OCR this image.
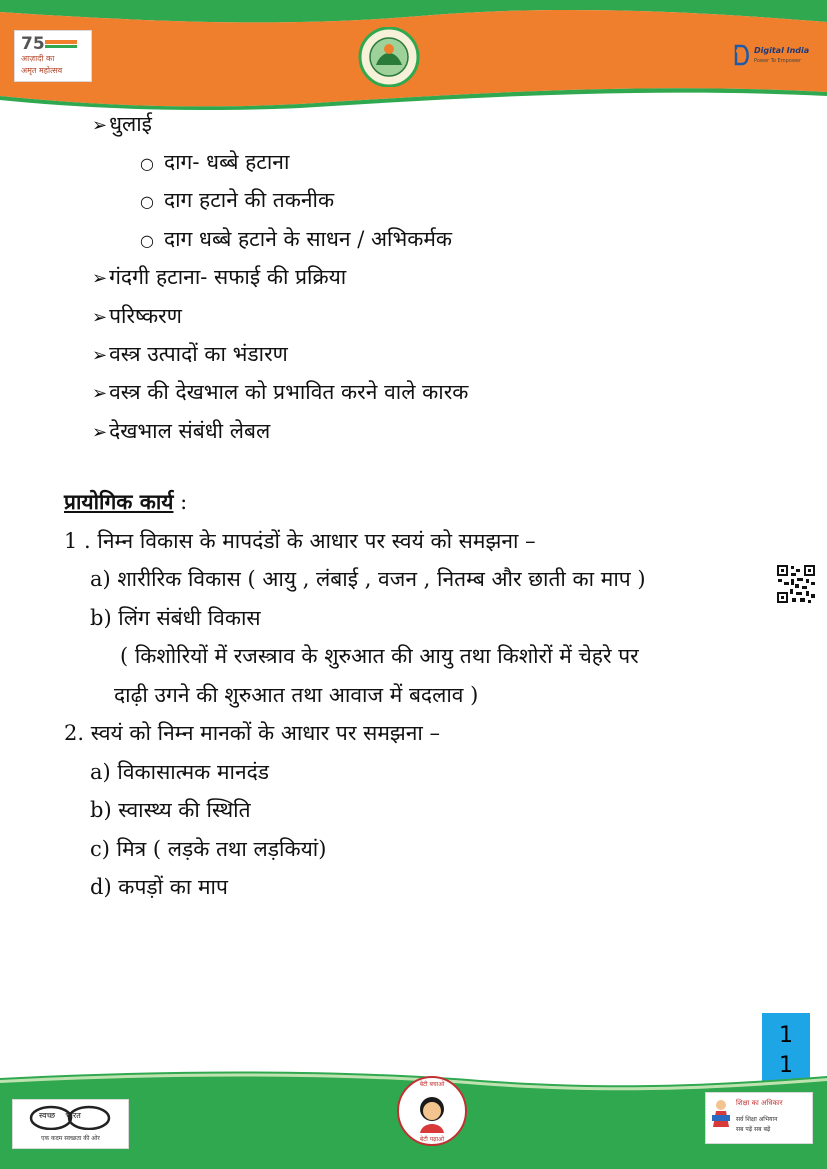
75
आज़ादी का
अमृत महोत्सव
Digital India
Power To Empower
➢धुलाई
○ दाग- धब्बे हटाना
○ दाग हटाने की तकनीक
○ दाग धब्बे हटाने के साधन / अभिकर्मक
➢गंदगी हटाना- सफाई की प्रक्रिया
➢परिष्करण
➢वस्त्र उत्पादों का भंडारण
➢वस्त्र की देखभाल को प्रभावित करने वाले कारक
➢देखभाल संबंधी लेबल
प्रायोगिक कार्य :
1 . निम्न विकास के मापदंडों के आधार पर स्वयं को समझना –
a) शारीरिक विकास ( आयु , लंबाई , वजन , नितम्ब और छाती का माप )
b) लिंग संबंधी विकास
( किशोरियों में रजस्त्राव के शुरुआत की आयु तथा किशोरों में चेहरे पर
दाढ़ी उगने की शुरुआत तथा आवाज में बदलाव )
2. स्वयं को निम्न मानकों के आधार पर समझना –
a) विकासात्मक मानदंड
b) स्वास्थ्य की स्थिति
c) मित्र ( लड़के तथा लड़कियां)
d) कपड़ों का माप
1
1
स्वच्छ    भारत
एक कदम स्वच्छता की ओर
बेटी बचाओ
बेटी पढ़ाओ
शिक्षा का अधिकार
सर्व शिक्षा अभियान
सब पढ़ें सब बढ़ें
